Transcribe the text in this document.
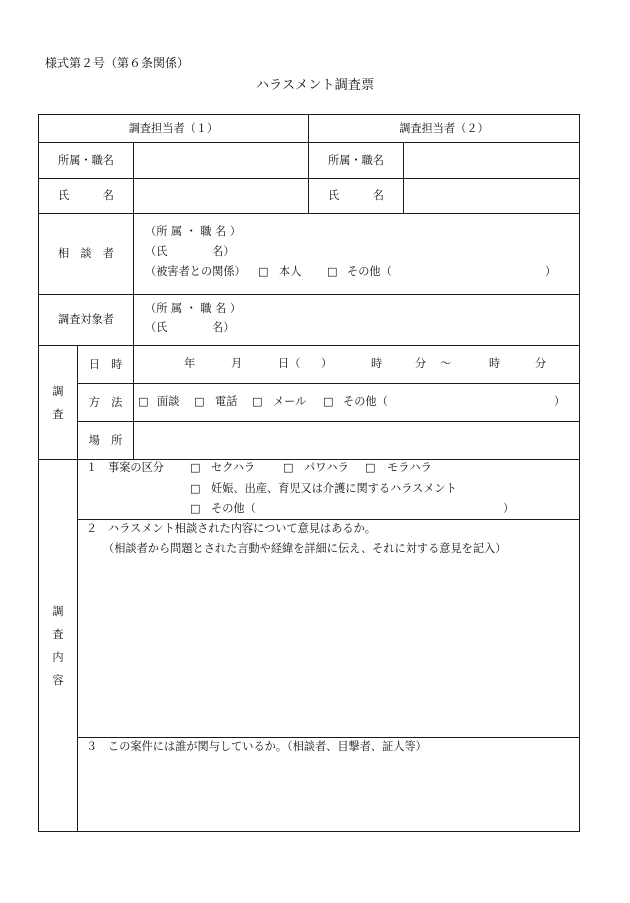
様式第２号（第６条関係）
ハラスメント調査票
調査担当者（１）	調査担当者（２）
所属・職名	所属・職名
氏　　　名	氏　　　名
相　談　者
（所 属 ・ 職 名 ）
（氏　　　　名）
（被害者との関係） □ 本人 □ その他（	）
調査対象者
（所 属 ・ 職 名 ）
（氏　　　　名）
調査
日　時	年	月	日（ ）	時	分 ～	時	分
方　法 □ 面談 □ 電話 □ メール □ その他（	）
場　所
調査内容
１ 事案の区分 □ セクハラ □ パワハラ □ モラハラ
□ 妊娠、出産、育児又は介護に関するハラスメント
□ その他（	）
２ ハラスメント相談された内容について意見はあるか。
（相談者から問題とされた言動や経緯を詳細に伝え、それに対する意見を記入）
３ この案件には誰が関与しているか。（相談者、目撃者、証人等）
